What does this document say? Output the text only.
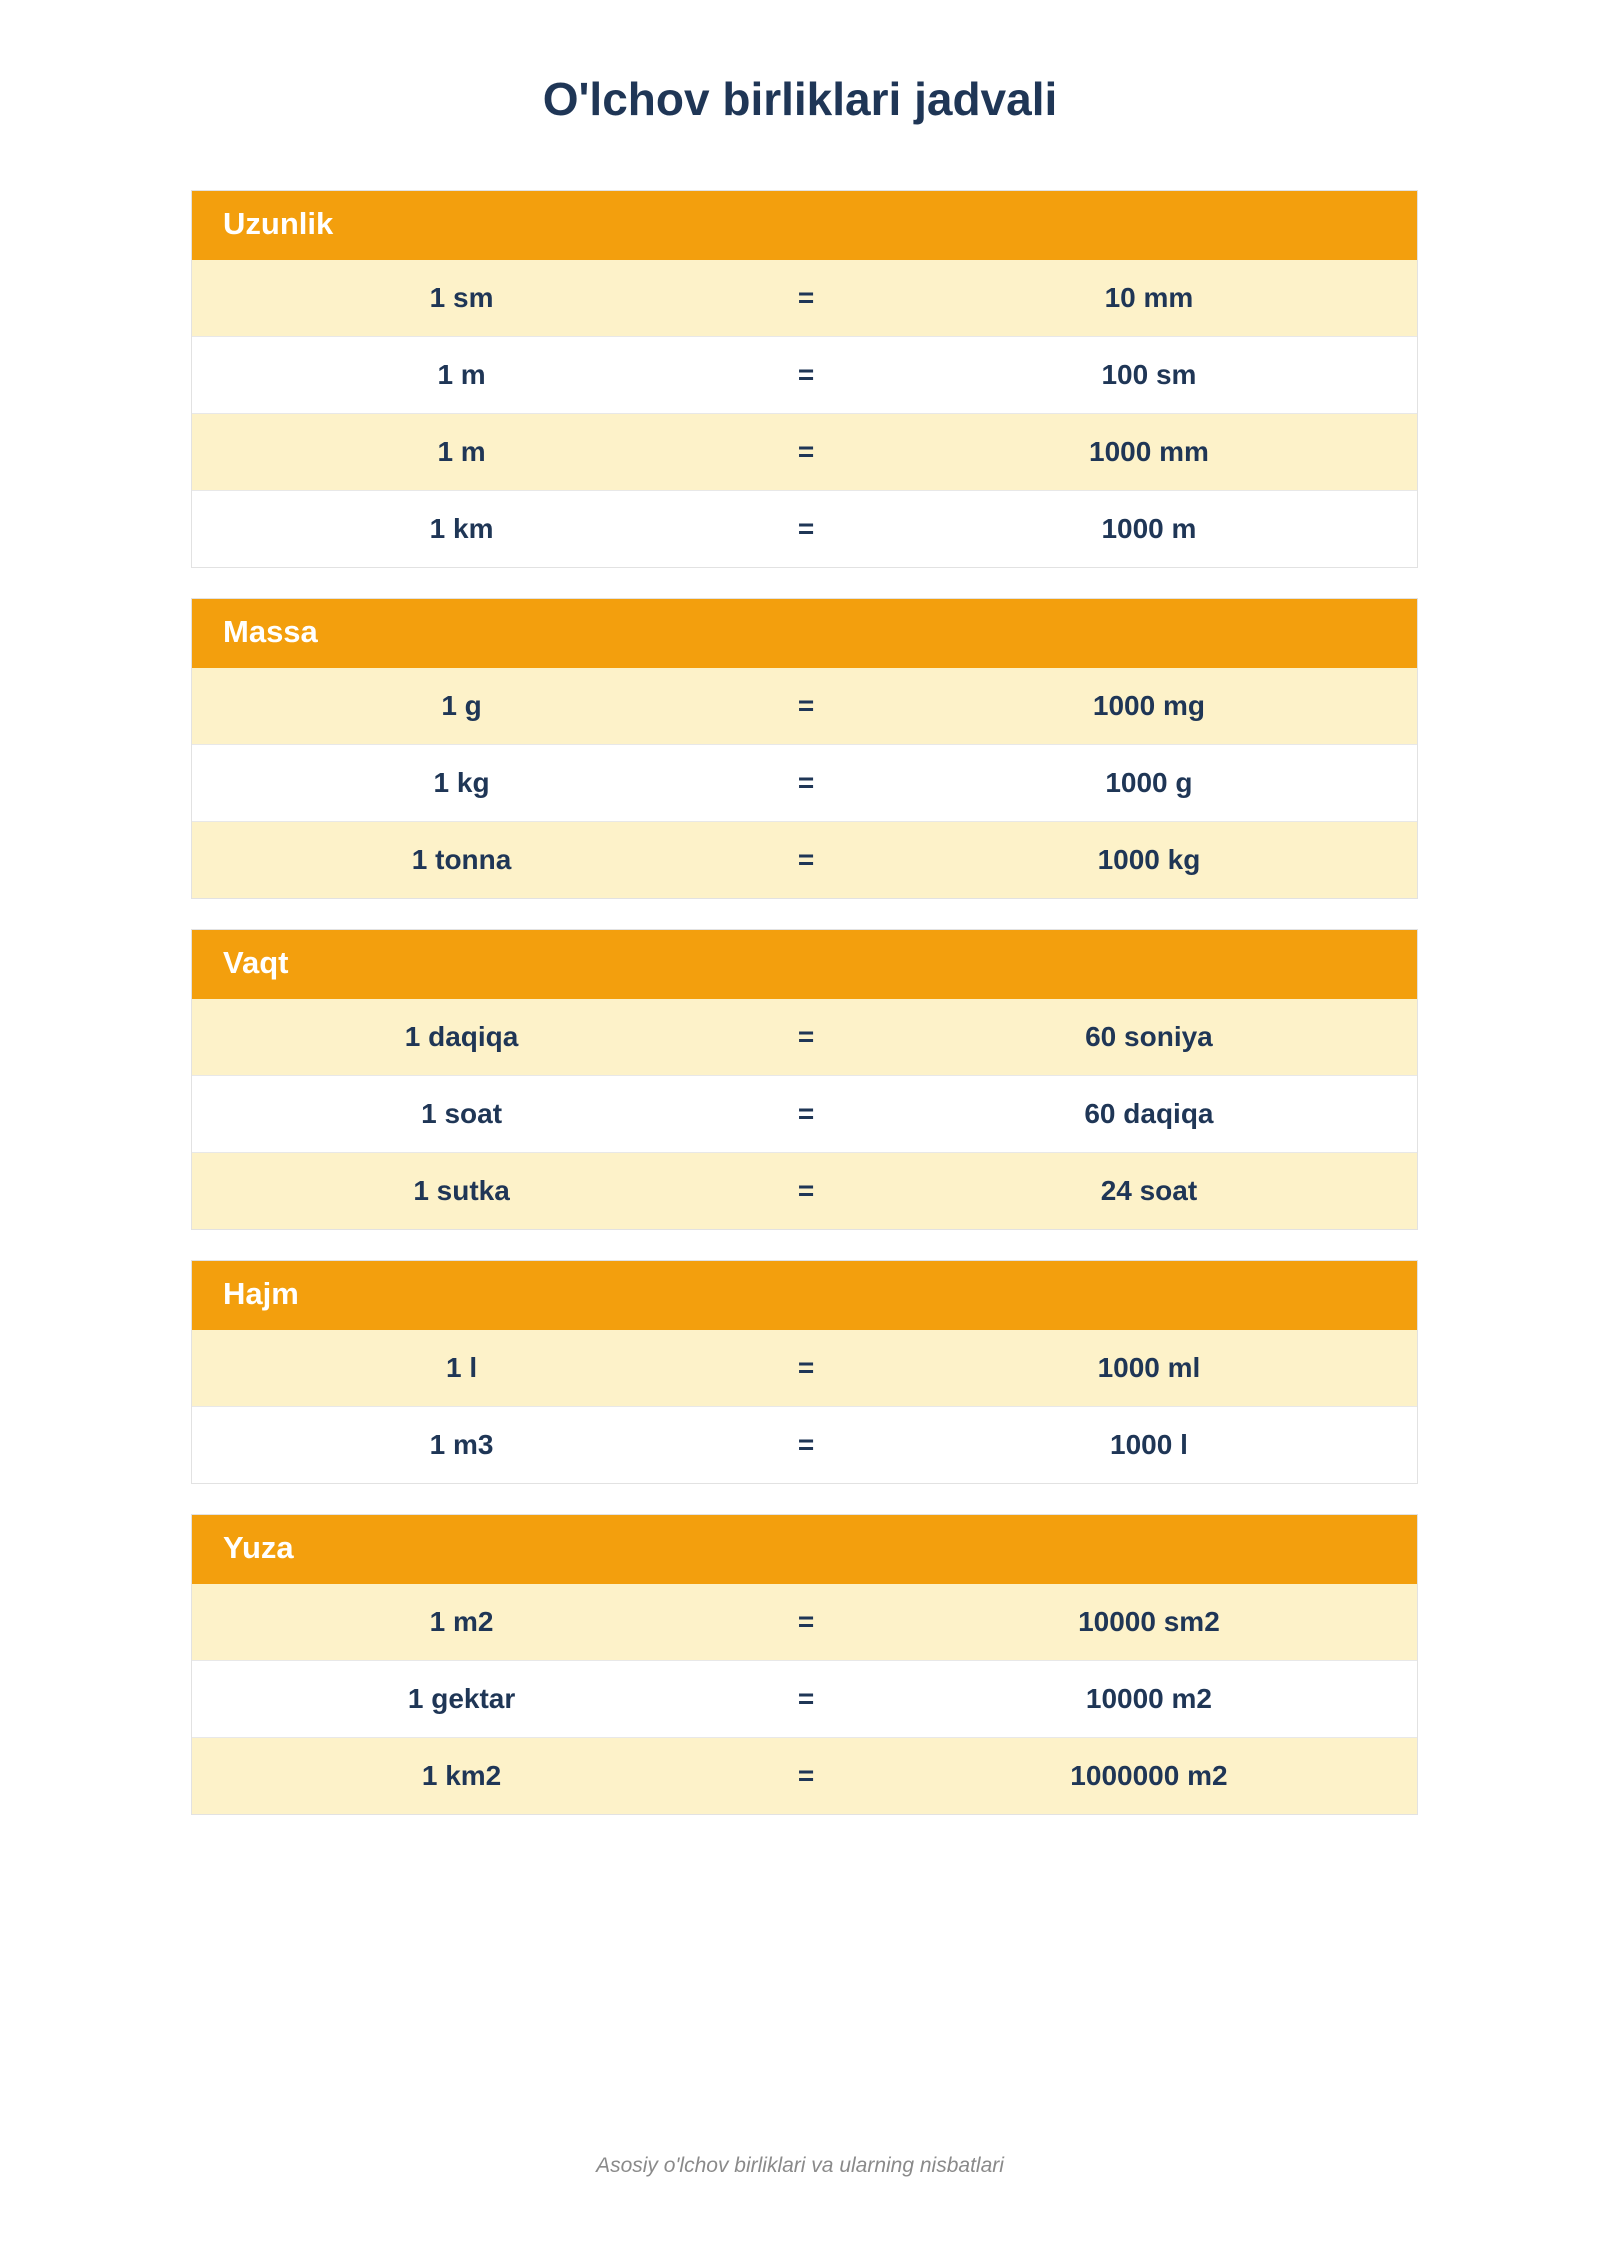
O'lchov birliklari jadvali
Uzunlik
1 sm	=	10 mm
1 m	=	100 sm
1 m	=	1000 mm
1 km	=	1000 m
Massa
1 g	=	1000 mg
1 kg	=	1000 g
1 tonna	=	1000 kg
Vaqt
1 daqiqa	=	60 soniya
1 soat	=	60 daqiqa
1 sutka	=	24 soat
Hajm
1 l	=	1000 ml
1 m3	=	1000 l
Yuza
1 m2	=	10000 sm2
1 gektar	=	10000 m2
1 km2	=	1000000 m2
Asosiy o'lchov birliklari va ularning nisbatlari
